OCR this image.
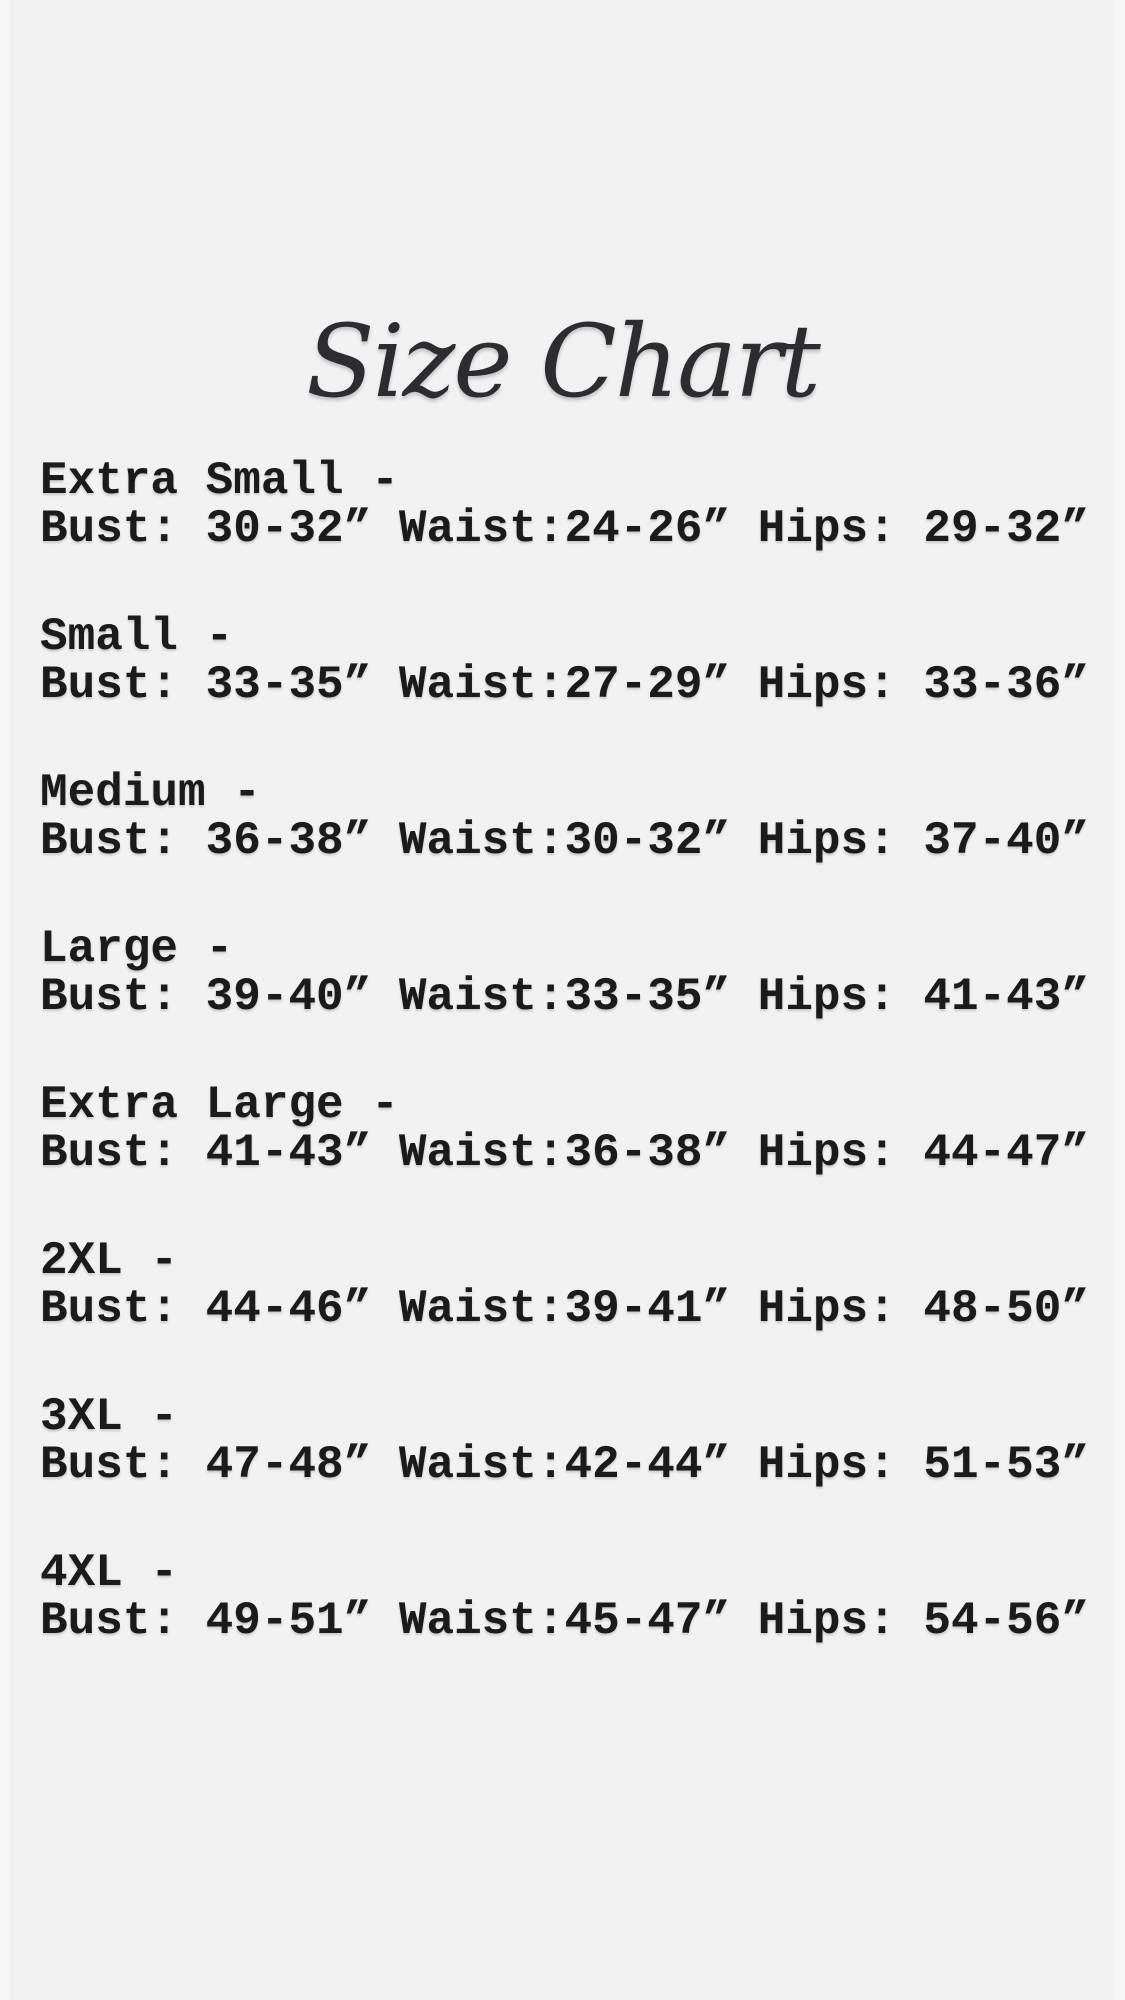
Size Chart
Extra Small -
Bust: 30-32” Waist:24-26” Hips: 29-32”
Small -
Bust: 33-35” Waist:27-29” Hips: 33-36”
Medium -
Bust: 36-38” Waist:30-32” Hips: 37-40”
Large -
Bust: 39-40” Waist:33-35” Hips: 41-43”
Extra Large -
Bust: 41-43” Waist:36-38” Hips: 44-47”
2XL -
Bust: 44-46” Waist:39-41” Hips: 48-50”
3XL -
Bust: 47-48” Waist:42-44” Hips: 51-53”
4XL -
Bust: 49-51” Waist:45-47” Hips: 54-56”
